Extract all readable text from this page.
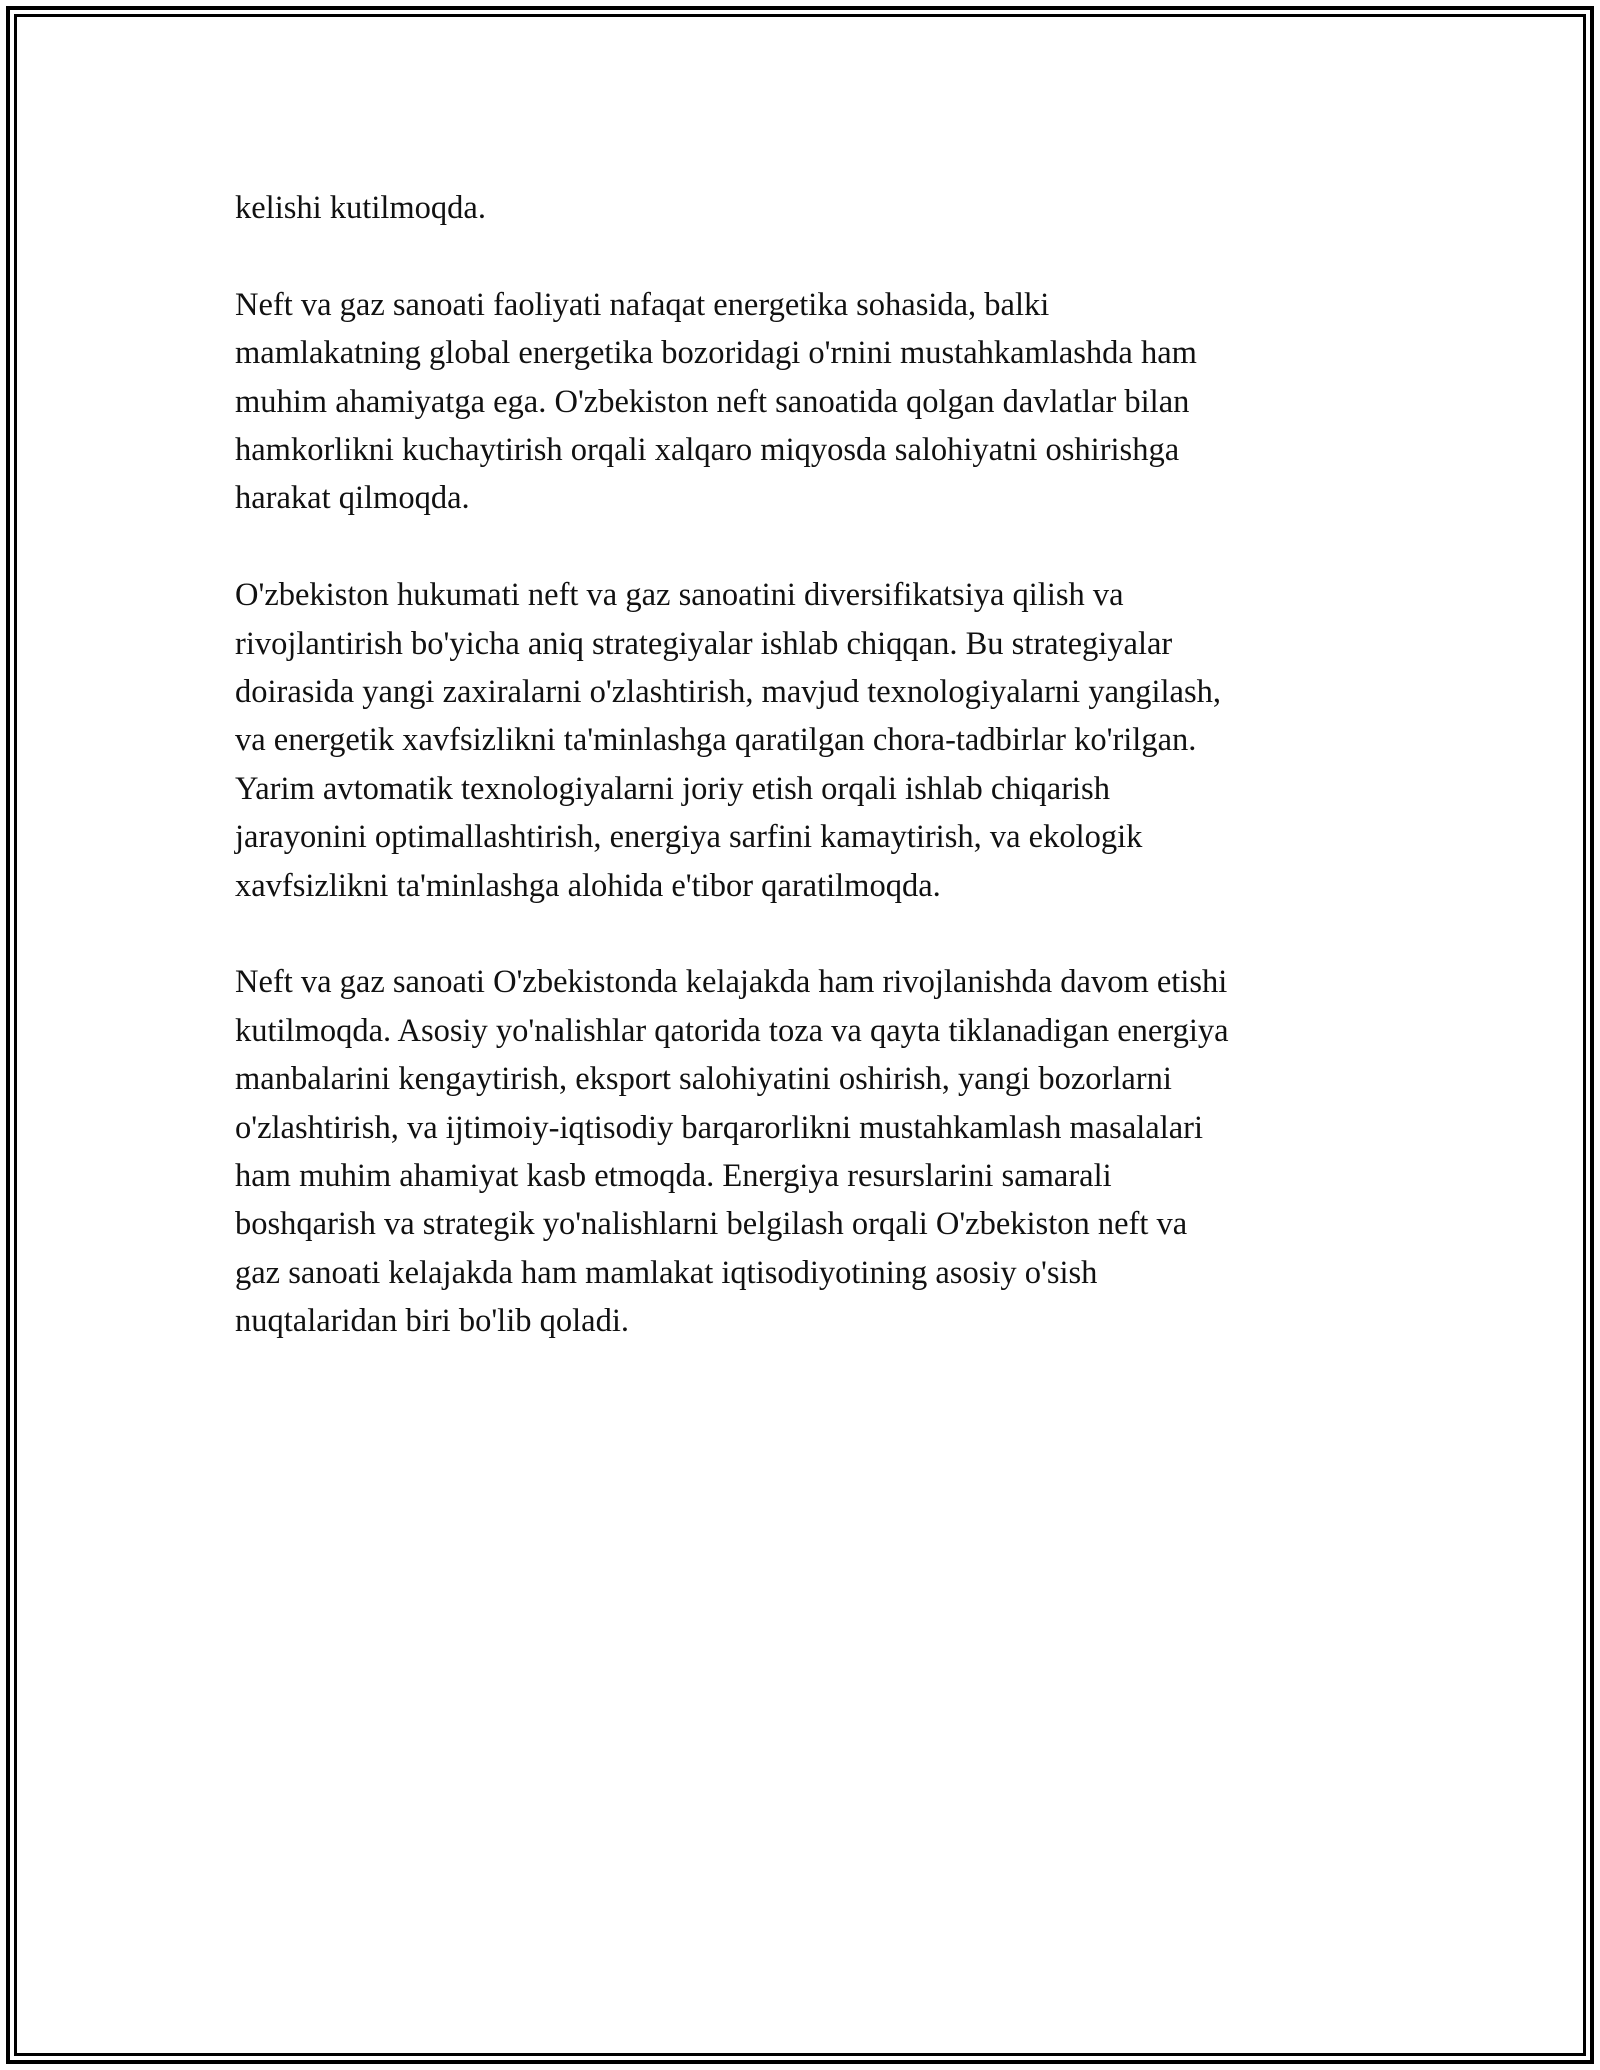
kelishi kutilmoqda.

Neft va gaz sanoati faoliyati nafaqat energetika sohasida, balki
mamlakatning global energetika bozoridagi o'rnini mustahkamlashda ham
muhim ahamiyatga ega. O'zbekiston neft sanoatida qolgan davlatlar bilan
hamkorlikni kuchaytirish orqali xalqaro miqyosda salohiyatni oshirishga
harakat qilmoqda.

O'zbekiston hukumati neft va gaz sanoatini diversifikatsiya qilish va
rivojlantirish bo'yicha aniq strategiyalar ishlab chiqqan. Bu strategiyalar
doirasida yangi zaxiralarni o'zlashtirish, mavjud texnologiyalarni yangilash,
va energetik xavfsizlikni ta'minlashga qaratilgan chora-tadbirlar ko'rilgan.
Yarim avtomatik texnologiyalarni joriy etish orqali ishlab chiqarish
jarayonini optimallashtirish, energiya sarfini kamaytirish, va ekologik
xavfsizlikni ta'minlashga alohida e'tibor qaratilmoqda.

Neft va gaz sanoati O'zbekistonda kelajakda ham rivojlanishda davom etishi
kutilmoqda. Asosiy yo'nalishlar qatorida toza va qayta tiklanadigan energiya
manbalarini kengaytirish, eksport salohiyatini oshirish, yangi bozorlarni
o'zlashtirish, va ijtimoiy-iqtisodiy barqarorlikni mustahkamlash masalalari
ham muhim ahamiyat kasb etmoqda. Energiya resurslarini samarali
boshqarish va strategik yo'nalishlarni belgilash orqali O'zbekiston neft va
gaz sanoati kelajakda ham mamlakat iqtisodiyotining asosiy o'sish
nuqtalaridan biri bo'lib qoladi.
